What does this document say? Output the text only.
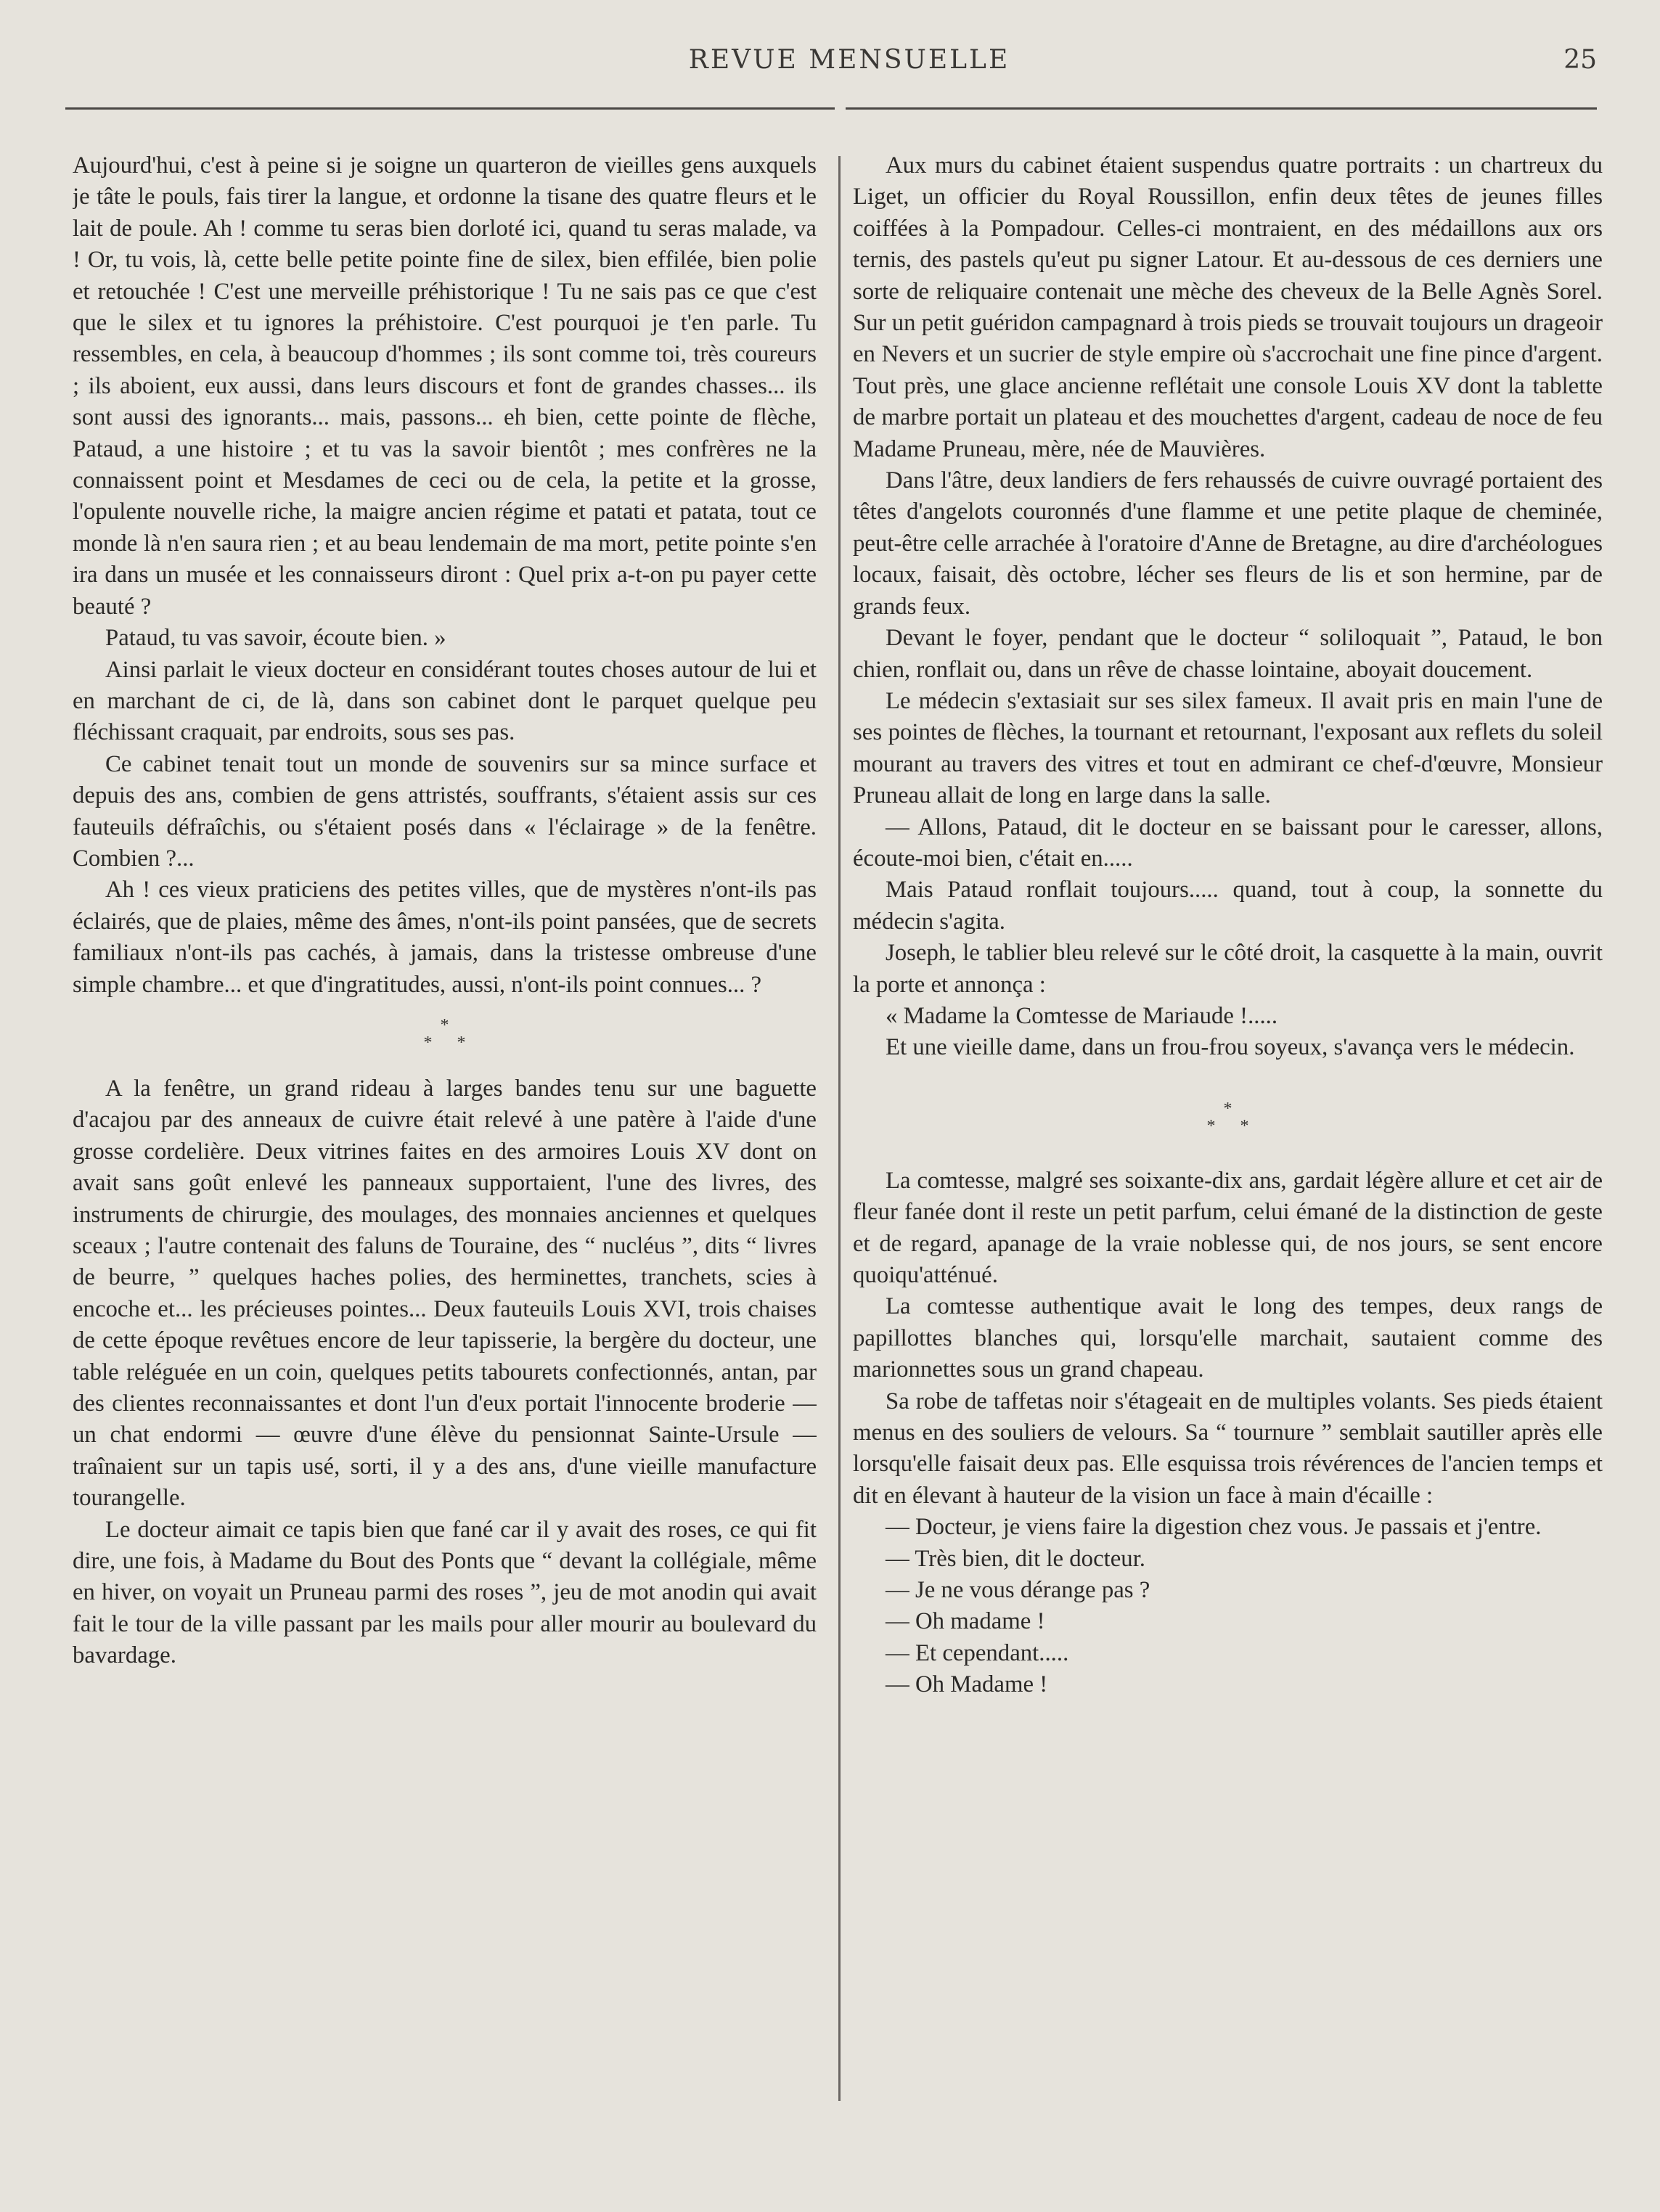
REVUE MENSUELLE	25

Aujourd'hui, c'est à peine si je soigne un quarteron de vieilles gens auxquels je tâte le pouls, fais tirer la langue, et ordonne la tisane des quatre fleurs et le lait de poule. Ah ! comme tu seras bien dorloté ici, quand tu seras malade, va ! Or, tu vois, là, cette belle petite pointe fine de silex, bien effilée, bien polie et retouchée ! C'est une merveille préhistorique ! Tu ne sais pas ce que c'est que le silex et tu ignores la préhistoire. C'est pourquoi je t'en parle. Tu ressembles, en cela, à beaucoup d'hommes ; ils sont comme toi, très coureurs ; ils aboient, eux aussi, dans leurs discours et font de grandes chasses... ils sont aussi des ignorants... mais, passons... eh bien, cette pointe de flèche, Pataud, a une histoire ; et tu vas la savoir bientôt ; mes confrères ne la connaissent point et Mesdames de ceci ou de cela, la petite et la grosse, l'opulente nouvelle riche, la maigre ancien régime et patati et patata, tout ce monde là n'en saura rien ; et au beau lendemain de ma mort, petite pointe s'en ira dans un musée et les connaisseurs diront : Quel prix a-t-on pu payer cette beauté ?

Pataud, tu vas savoir, écoute bien. »

Ainsi parlait le vieux docteur en considérant toutes choses autour de lui et en marchant de ci, de là, dans son cabinet dont le parquet quelque peu fléchissant craquait, par endroits, sous ses pas.

Ce cabinet tenait tout un monde de souvenirs sur sa mince surface et depuis des ans, combien de gens attristés, souffrants, s'étaient assis sur ces fauteuils défraîchis, ou s'étaient posés dans « l'éclairage » de la fenêtre. Combien ?...

Ah ! ces vieux praticiens des petites villes, que de mystères n'ont-ils pas éclairés, que de plaies, même des âmes, n'ont-ils point pansées, que de secrets familiaux n'ont-ils pas cachés, à jamais, dans la tristesse ombreuse d'une simple chambre... et que d'ingratitudes, aussi, n'ont-ils point connues... ?

*
* *

A la fenêtre, un grand rideau à larges bandes tenu sur une baguette d'acajou par des anneaux de cuivre était relevé à une patère à l'aide d'une grosse cordelière. Deux vitrines faites en des armoires Louis XV dont on avait sans goût enlevé les panneaux supportaient, l'une des livres, des instruments de chirurgie, des moulages, des monnaies anciennes et quelques sceaux ; l'autre contenait des faluns de Touraine, des “ nucléus ”, dits “ livres de beurre, ” quelques haches polies, des herminettes, tranchets, scies à encoche et... les précieuses pointes... Deux fauteuils Louis XVI, trois chaises de cette époque revêtues encore de leur tapisserie, la bergère du docteur, une table reléguée en un coin, quelques petits tabourets confectionnés, antan, par des clientes reconnaissantes et dont l'un d'eux portait l'innocente broderie — un chat endormi — œuvre d'une élève du pensionnat Sainte-Ursule — traînaient sur un tapis usé, sorti, il y a des ans, d'une vieille manufacture tourangelle.

Le docteur aimait ce tapis bien que fané car il y avait des roses, ce qui fit dire, une fois, à Madame du Bout des Ponts que “ devant la collégiale, même en hiver, on voyait un Pruneau parmi des roses ”, jeu de mot anodin qui avait fait le tour de la ville passant par les mails pour aller mourir au boulevard du bavardage.

Aux murs du cabinet étaient suspendus quatre portraits : un chartreux du Liget, un officier du Royal Roussillon, enfin deux têtes de jeunes filles coiffées à la Pompadour. Celles-ci montraient, en des médaillons aux ors ternis, des pastels qu'eut pu signer Latour. Et au-dessous de ces derniers une sorte de reliquaire contenait une mèche des cheveux de la Belle Agnès Sorel. Sur un petit guéridon campagnard à trois pieds se trouvait toujours un drageoir en Nevers et un sucrier de style empire où s'accrochait une fine pince d'argent. Tout près, une glace ancienne reflétait une console Louis XV dont la tablette de marbre portait un plateau et des mouchettes d'argent, cadeau de noce de feu Madame Pruneau, mère, née de Mauvières.

Dans l'âtre, deux landiers de fers rehaussés de cuivre ouvragé portaient des têtes d'angelots couronnés d'une flamme et une petite plaque de cheminée, peut-être celle arrachée à l'oratoire d'Anne de Bretagne, au dire d'archéologues locaux, faisait, dès octobre, lécher ses fleurs de lis et son hermine, par de grands feux.

Devant le foyer, pendant que le docteur “ soliloquait ”, Pataud, le bon chien, ronflait ou, dans un rêve de chasse lointaine, aboyait doucement.

Le médecin s'extasiait sur ses silex fameux. Il avait pris en main l'une de ses pointes de flèches, la tournant et retournant, l'exposant aux reflets du soleil mourant au travers des vitres et tout en admirant ce chef-d'œuvre, Monsieur Pruneau allait de long en large dans la salle.

— Allons, Pataud, dit le docteur en se baissant pour le caresser, allons, écoute-moi bien, c'était en.....

Mais Pataud ronflait toujours..... quand, tout à coup, la sonnette du médecin s'agita.

Joseph, le tablier bleu relevé sur le côté droit, la casquette à la main, ouvrit la porte et annonça :

« Madame la Comtesse de Mariaude !.....

Et une vieille dame, dans un frou-frou soyeux, s'avança vers le médecin.

*
* *

La comtesse, malgré ses soixante-dix ans, gardait légère allure et cet air de fleur fanée dont il reste un petit parfum, celui émané de la distinction de geste et de regard, apanage de la vraie noblesse qui, de nos jours, se sent encore quoiqu'atténué.

La comtesse authentique avait le long des tempes, deux rangs de papillottes blanches qui, lorsqu'elle marchait, sautaient comme des marionnettes sous un grand chapeau.

Sa robe de taffetas noir s'étageait en de multiples volants. Ses pieds étaient menus en des souliers de velours. Sa “ tournure ” semblait sautiller après elle lorsqu'elle faisait deux pas. Elle esquissa trois révérences de l'ancien temps et dit en élevant à hauteur de la vision un face à main d'écaille :

— Docteur, je viens faire la digestion chez vous. Je passais et j'entre.

— Très bien, dit le docteur.

— Je ne vous dérange pas ?

— Oh madame !

— Et cependant.....

— Oh Madame !
